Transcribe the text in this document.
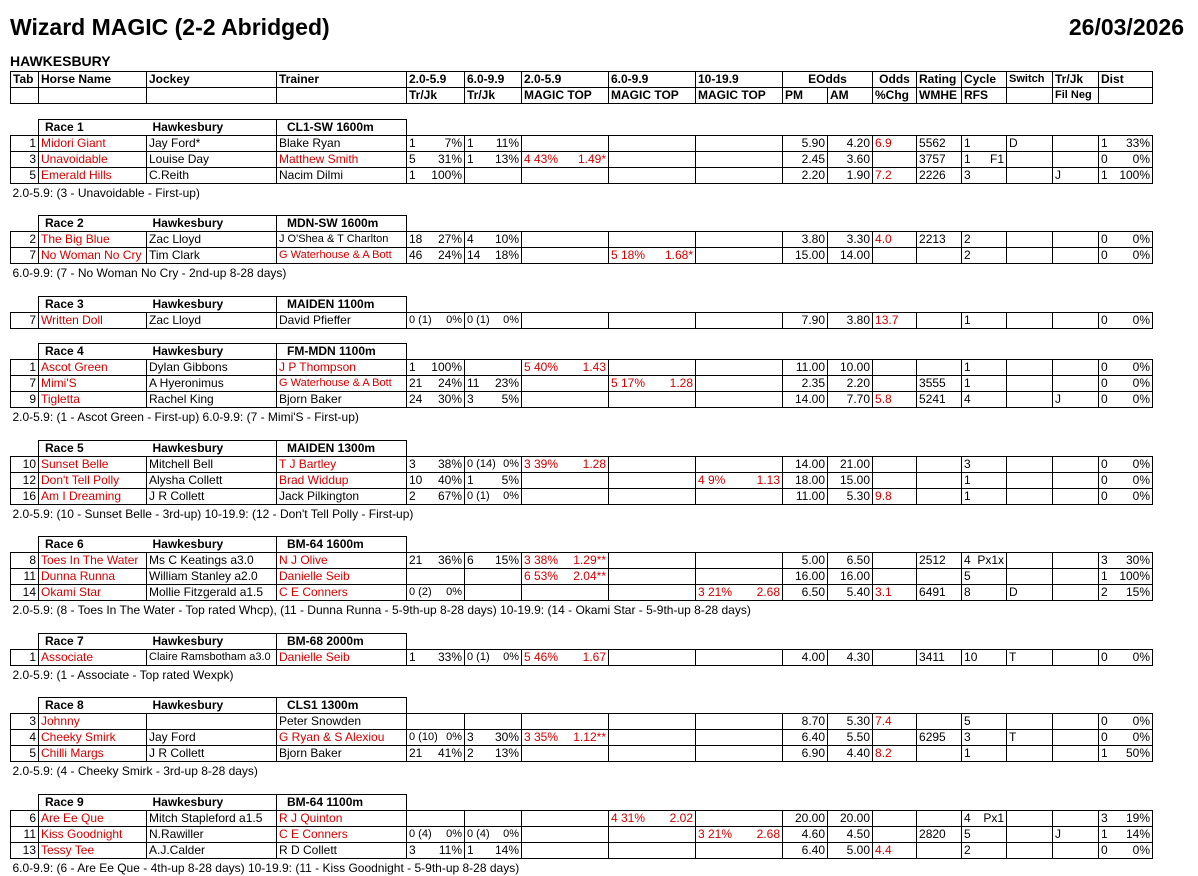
Wizard MAGIC (2-2 Abridged)	26/03/2026
HAWKESBURY
Tab	Horse Name	Jockey	Trainer	2.0-5.9	6.0-9.9	2.0-5.9	6.0-9.9	10-19.9	EOdds		Odds	Rating	Cycle	Switch	Tr/Jk	Dist
				Tr/Jk	Tr/Jk	MAGIC TOP	MAGIC TOP	MAGIC TOP	PM	AM	%Chg	WMHE	RFS		Fil Neg	

	Race 1	Hawkesbury	CL1-SW 1600m													
1	Midori Giant	Jay Ford*	Blake Ryan	1 7%	1 11%				5.90	4.20	6.9	5562	1	D		1 33%

3	Unavoidable	Louise Day	Matthew Smith	5 31%	1 13%	4 43% 1.49*			2.45	3.60		3757	1 F1			0 0%

5	Emerald Hills	C.Reith	Nacim Dilmi	1 100%					2.20	1.90	7.2	2226	3		J	1 100%

2.0-5.9: (3 - Unavoidable - First-up)																

	Race 2	Hawkesbury	MDN-SW 1600m													
2	The Big Blue	Zac Lloyd	J O'Shea & T Charlton	18 27%	4 10%				3.80	3.30	4.0	2213	2			0 0%

7	No Woman No Cry	Tim Clark	G Waterhouse & A Bott	46 24%	14 18%		5 18% 1.68*		15.00	14.00			2			0 0%

6.0-9.9: (7 - No Woman No Cry - 2nd-up 8-28 days)																

	Race 3	Hawkesbury	MAIDEN 1100m													
7	Written Doll	Zac Lloyd	David Pfieffer	0 (1) 0%	0 (1) 0%				7.90	3.80	13.7		1			0 0%

	Race 4	Hawkesbury	FM-MDN 1100m													
1	Ascot Green	Dylan Gibbons	J P Thompson	1 100%		5 40% 1.43			11.00	10.00			1			0 0%

7	Mimi'S	A Hyeronimus	G Waterhouse & A Bott	21 24%	11 23%		5 17% 1.28		2.35	2.20		3555	1			0 0%

9	Tigletta	Rachel King	Bjorn Baker	24 30%	3 5%				14.00	7.70	5.8	5241	4		J	0 0%

2.0-5.9: (1 - Ascot Green - First-up) 6.0-9.9: (7 - Mimi'S - First-up)																

	Race 5	Hawkesbury	MAIDEN 1300m													
10	Sunset Belle	Mitchell Bell	T J Bartley	3 38%	0 (14) 0%	3 39% 1.28			14.00	21.00			3			0 0%

12	Don't Tell Polly	Alysha Collett	Brad Widdup	10 40%	1 5%			4 9% 1.13	18.00	15.00			1			0 0%

16	Am I Dreaming	J R Collett	Jack Pilkington	2 67%	0 (1) 0%				11.00	5.30	9.8		1			0 0%

2.0-5.9: (10 - Sunset Belle - 3rd-up) 10-19.9: (12 - Don't Tell Polly - First-up)																

	Race 6	Hawkesbury	BM-64 1600m													
8	Toes In The Water	Ms C Keatings a3.0	N J Olive	21 36%	6 15%	3 38% 1.29**			5.00	6.50		2512	4 Px1x			3 30%

11	Dunna Runna	William Stanley a2.0	Danielle Seib			6 53% 2.04**			16.00	16.00			5			1 100%

14	Okami Star	Mollie Fitzgerald a1.5	C E Conners	0 (2) 0%				3 21% 2.68	6.50	5.40	3.1	6491	8	D		2 15%

2.0-5.9: (8 - Toes In The Water - Top rated Whcp), (11 - Dunna Runna - 5-9th-up 8-28 days) 10-19.9: (14 - Okami Star - 5-9th-up 8-28 days)																

	Race 7	Hawkesbury	BM-68 2000m													
1	Associate	Claire Ramsbotham a3.0	Danielle Seib	1 33%	0 (1) 0%	5 46% 1.67			4.00	4.30		3411	10	T		0 0%

2.0-5.9: (1 - Associate - Top rated Wexpk)																

	Race 8	Hawkesbury	CLS1 1300m													
3	Johnny		Peter Snowden						8.70	5.30	7.4		5			0 0%

4	Cheeky Smirk	Jay Ford	G Ryan & S Alexiou	0 (10) 0%	3 30%	3 35% 1.12**			6.40	5.50		6295	3	T		0 0%

5	Chilli Margs	J R Collett	Bjorn Baker	21 41%	2 13%				6.90	4.40	8.2		1			1 50%

2.0-5.9: (4 - Cheeky Smirk - 3rd-up 8-28 days)																

	Race 9	Hawkesbury	BM-64 1100m													
6	Are Ee Que	Mitch Stapleford a1.5	R J Quinton				4 31% 2.02		20.00	20.00			4 Px1			3 19%

11	Kiss Goodnight	N.Rawiller	C E Conners	0 (4) 0%	0 (4) 0%			3 21% 2.68	4.60	4.50		2820	5		J	1 14%

13	Tessy Tee	A.J.Calder	R D Collett	3 11%	1 14%				6.40	5.00	4.4		2			0 0%

6.0-9.9: (6 - Are Ee Que - 4th-up 8-28 days) 10-19.9: (11 - Kiss Goodnight - 5-9th-up 8-28 days)																
